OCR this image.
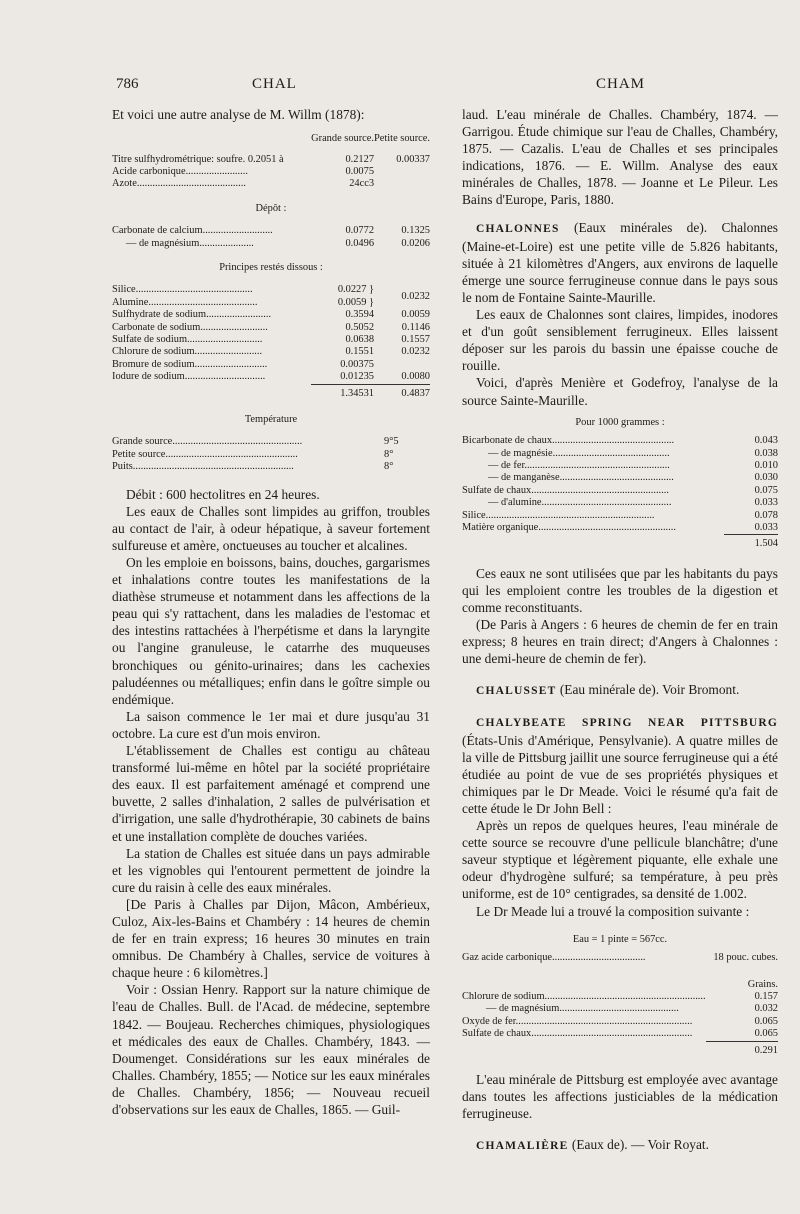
786	CHAL	CHAM

Et voici une autre analyse de M. Willm (1878):

	Grande source.	Petite source.

Titre sulfhydrométrique: soufre. 0.2051 à	0.2127	0.00337
Acide carbonique........................	0.0075	
Azote..........................................	24cc3	
Dépôt :		
Carbonate de calcium...........................	0.0772	0.1325
— de magnésium.....................	0.0496	0.0206
Principes restés dissous :		
Silice.............................................	0.0227 }	0.0232
Alumine..........................................	0.0059 }	
Sulfhydrate de sodium.........................	0.3594	0.0059
Carbonate de sodium..........................	0.5052	0.1146
Sulfate de sodium.............................	0.0638	0.1557
Chlorure de sodium..........................	0.1551	0.0232
Bromure de sodium............................	0.00375	
Iodure de sodium...............................	0.01235	0.0080
	1.34531	0.4837
Température		
Grande source..................................................		9°5
Petite source...................................................		8°
Puits..............................................................		8°

Débit : 600 hectolitres en 24 heures.

Les eaux de Challes sont limpides au griffon, troubles au contact de l'air, à odeur hépatique, à saveur fortement sulfureuse et amère, onctueuses au toucher et alcalines.

On les emploie en boissons, bains, douches, gargarismes et inhalations contre toutes les manifestations de la diathèse strumeuse et notamment dans les affections de la peau qui s'y rattachent, dans les maladies de l'estomac et des intestins rattachées à l'herpétisme et dans la laryngite ou l'angine granuleuse, le catarrhe des muqueuses bronchiques ou génito-urinaires; dans les cachexies paludéennes ou métalliques; enfin dans le goître simple ou endémique.

La saison commence le 1er mai et dure jusqu'au 31 octobre. La cure est d'un mois environ.

L'établissement de Challes est contigu au château transformé lui-même en hôtel par la société propriétaire des eaux. Il est parfaitement aménagé et comprend une buvette, 2 salles d'inhalation, 2 salles de pulvérisation et d'irrigation, une salle d'hydrothérapie, 30 cabinets de bains et une installation complète de douches variées.

La station de Challes est située dans un pays admirable et les vignobles qui l'entourent permettent de joindre la cure du raisin à celle des eaux minérales.

[De Paris à Challes par Dijon, Mâcon, Ambérieux, Culoz, Aix-les-Bains et Chambéry : 14 heures de chemin de fer en train express; 16 heures 30 minutes en train omnibus. De Chambéry à Challes, service de voitures à chaque heure : 6 kilomètres.]

Voir : Ossian Henry. Rapport sur la nature chimique de l'eau de Challes. Bull. de l'Acad. de médecine, septembre 1842. — Boujeau. Recherches chimiques, physiologiques et médicales des eaux de Challes. Chambéry, 1843. — Doumenget. Considérations sur les eaux minérales de Challes. Chambéry, 1855; — Notice sur les eaux minérales de Challes. Chambéry, 1856; — Nouveau recueil d'observations sur les eaux de Challes, 1865. — Guil-

laud. L'eau minérale de Challes. Chambéry, 1874. — Garrigou. Étude chimique sur l'eau de Challes, Chambéry, 1875. — Cazalis. L'eau de Challes et ses principales indications, 1876. — E. Willm. Analyse des eaux minérales de Challes, 1878. — Joanne et Le Pileur. Les Bains d'Europe, Paris, 1880.

CHALONNES (Eaux minérales de). Chalonnes (Maine-et-Loire) est une petite ville de 5.826 habitants, située à 21 kilomètres d'Angers, aux environs de laquelle émerge une source ferrugineuse connue dans le pays sous le nom de Fontaine Sainte-Maurille.

Les eaux de Chalonnes sont claires, limpides, inodores et d'un goût sensiblement ferrugineux. Elles laissent déposer sur les parois du bassin une épaisse couche de rouille.

Voici, d'après Menière et Godefroy, l'analyse de la source Sainte-Maurille.

Pour 1000 grammes :
Bicarbonate de chaux...............................................	0.043
— de magnésie.............................................	0.038
— de fer........................................................	0.010
— de manganèse............................................	0.030
Sulfate de chaux.....................................................	0.075
— d'alumine..................................................	0.033
Silice.................................................................	0.078
Matière organique.....................................................	0.033
	1.504

Ces eaux ne sont utilisées que par les habitants du pays qui les emploient contre les troubles de la digestion et comme reconstituants.

(De Paris à Angers : 6 heures de chemin de fer en train express; 8 heures en train direct; d'Angers à Chalonnes : une demi-heure de chemin de fer).

CHALUSSET (Eau minérale de). Voir Bromont.

CHALYBEATE SPRING NEAR PITTSBURG (États-Unis d'Amérique, Pensylvanie). A quatre milles de la ville de Pittsburg jaillit une source ferrugineuse qui a été étudiée au point de vue de ses propriétés physiques et chimiques par le Dr Meade. Voici le résumé qu'a fait de cette étude le Dr John Bell :

Après un repos de quelques heures, l'eau minérale de cette source se recouvre d'une pellicule blanchâtre; d'une saveur styptique et légèrement piquante, elle exhale une odeur d'hydrogène sulfuré; sa température, à peu près uniforme, est de 10° centigrades, sa densité de 1.002.

Le Dr Meade lui a trouvé la composition suivante :

Eau = 1 pinte = 567cc.
Gaz acide carbonique....................................	18 pouc. cubes.

	Grains.
Chlorure de sodium..............................................................	0.157
— de magnésium..............................................	0.032
Oxyde de fer....................................................................	0.065
Sulfate de chaux..............................................................	0.065
	0.291

L'eau minérale de Pittsburg est employée avec avantage dans toutes les affections justiciables de la médication ferrugineuse.

CHAMALIÈRE (Eaux de). — Voir Royat.
